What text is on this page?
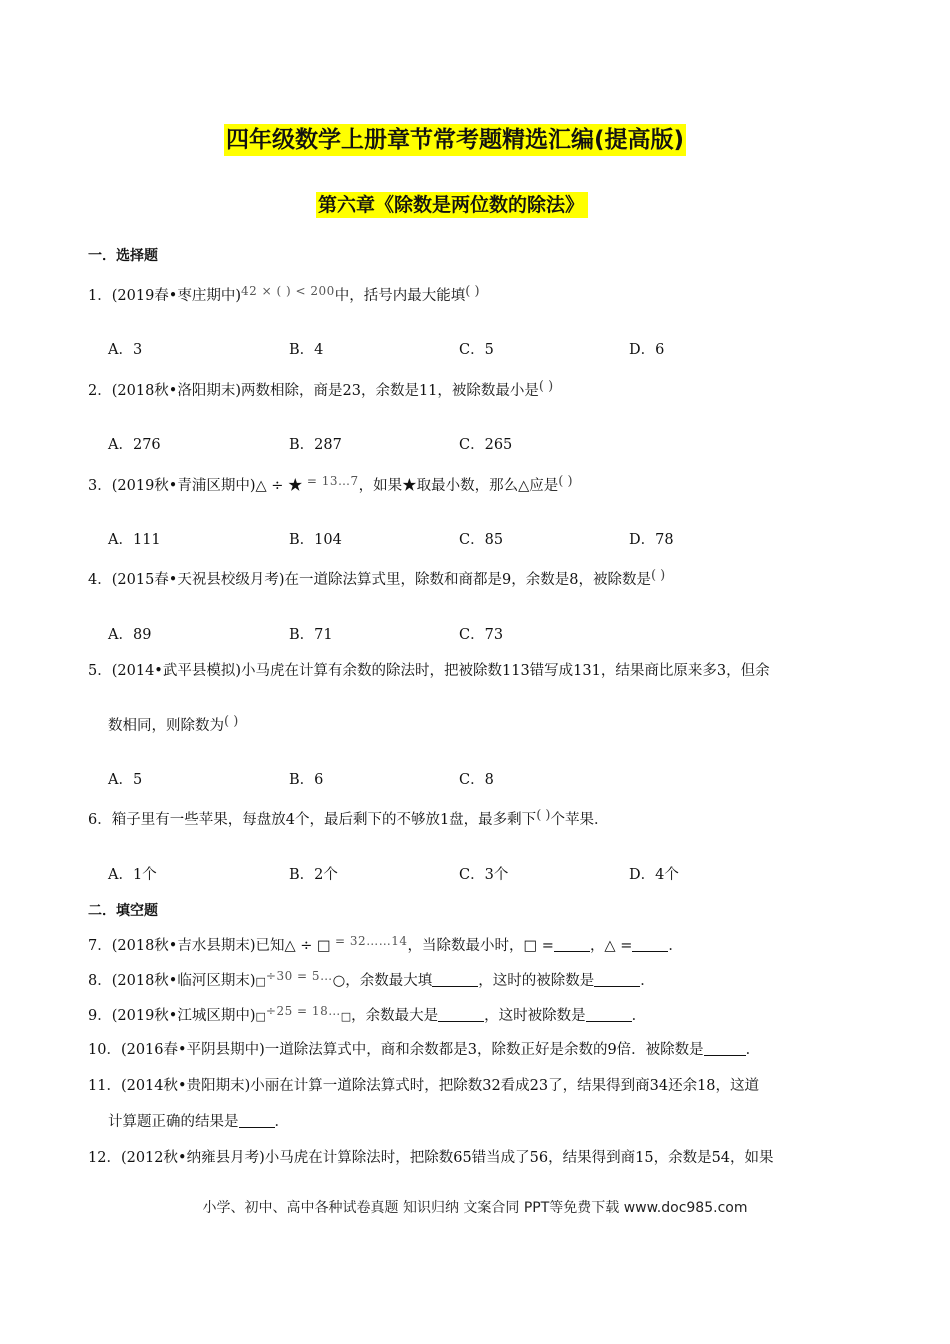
四年级数学上册章节常考题精选汇编(提高版)
第六章《除数是两位数的除法》
一．选择题
1．(2019春•枣庄期中)$^{42 \times ( ) < 200}$中，括号内最大能填( )
A．3	B．4	C．5	D．6
2．(2018秋•洛阳期末)两数相除，商是23，余数是11，被除数最小是( )
A．276	B．287	C．265
3．(2019秋•青浦区期中)△ ÷ ★ $^{= 13\dots 7}$，如果★取最小数，那么△应是( )
A．111	B．104	C．85	D．78
4．(2015春•天祝县校级月考)在一道除法算式里，除数和商都是9，余数是8，被除数是( )
A．89	B．71	C．73
5．(2014•武平县模拟)小马虎在计算有余数的除法时，把被除数113错写成131，结果商比原来多3，但余
数相同，则除数为( )
A．5	B．6	C．8
6．箱子里有一些苹果，每盘放4个，最后剩下的不够放1盘，最多剩下( )个苹果．
A．1个	B．2个	C．3个	D．4个
二．填空题
7．(2018秋•吉水县期末)已知△ ÷ □ $^{= 32\dots\dots 14}$，当除数最小时，□ = ，△ = ．
8．(2018秋•临河区期末)□$^{\div 30 = 5\dots}$○，余数最大填	，这时的被除数是	．
9．(2019秋•江城区期中)□$^{\div 25 = 18\dots}$□，余数最大是	，这时被除数是	．
10．(2016春•平阴县期中)一道除法算式中，商和余数都是3，除数正好是余数的9倍．被除数是	．
11．(2014秋•贵阳期末)小丽在计算一道除法算式时，把除数32看成23了，结果得到商34还余18，这道
计算题正确的结果是 ．
12．(2012秋•纳雍县月考)小马虎在计算除法时，把除数65错当成了56，结果得到商15，余数是54，如果
小学、初中、高中各种试卷真题 知识归纳 文案合同 PPT等免费下载 www.doc985.com
